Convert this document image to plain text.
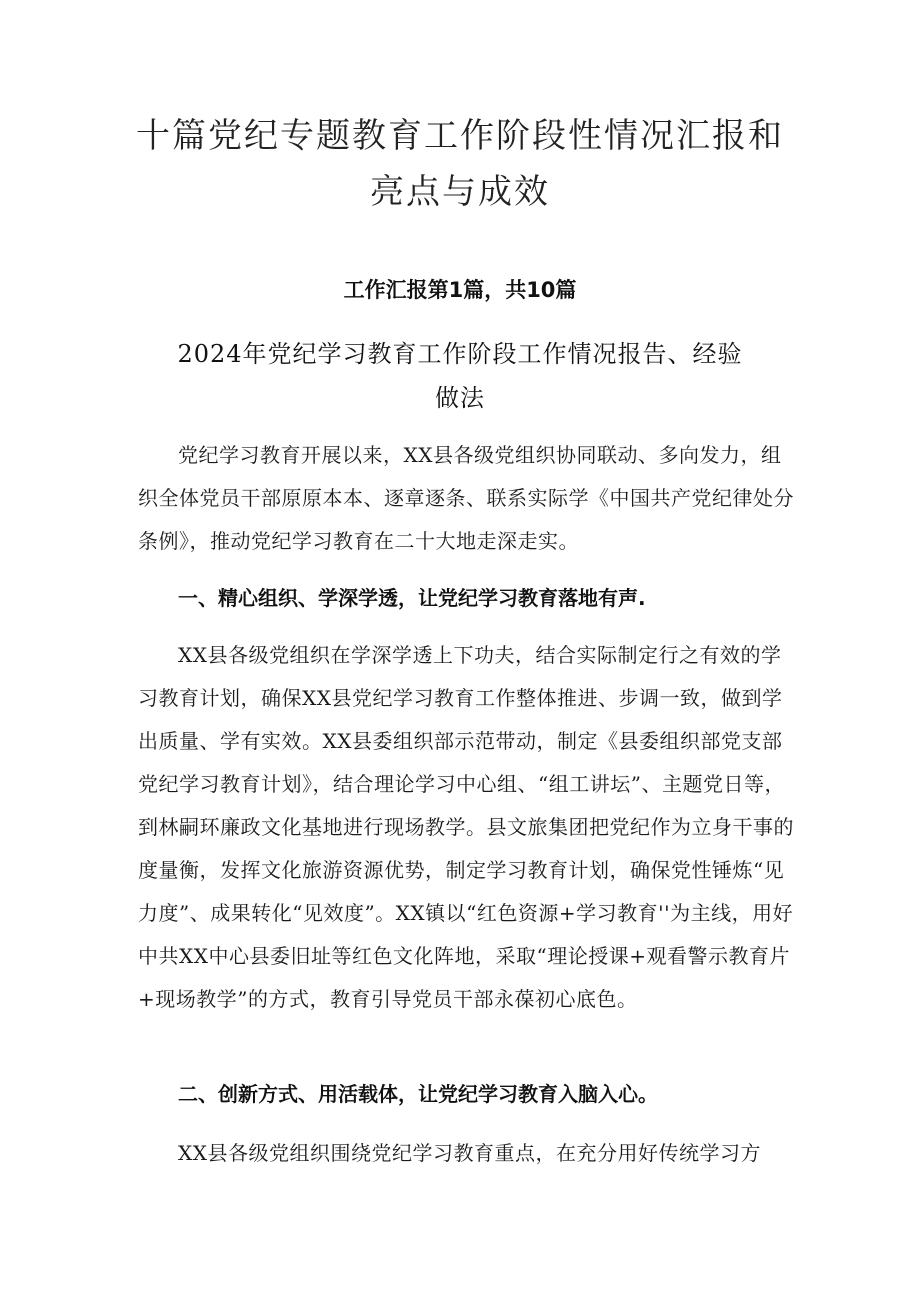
十篇党纪专题教育工作阶段性情况汇报和
亮点与成效
工作汇报第1篇，共10篇
2024年党纪学习教育工作阶段工作情况报告、经验
做法

党纪学习教育开展以来，XX县各级党组织协同联动、多向发力，组织全体党员干部原原本本、逐章逐条、联系实际学《中国共产党纪律处分条例》，推动党纪学习教育在二十大地走深走实。

一、精心组织、学深学透，让党纪学习教育落地有声.

XX县各级党组织在学深学透上下功夫，结合实际制定行之有效的学习教育计划，确保XX县党纪学习教育工作整体推进、步调一致，做到学出质量、学有实效。XX县委组织部示范带动，制定《县委组织部党支部党纪学习教育计划》，结合理论学习中心组、“组工讲坛”、主题党日等，到林嗣环廉政文化基地进行现场教学。县文旅集团把党纪作为立身干事的度量衡，发挥文化旅游资源优势，制定学习教育计划，确保党性锤炼“见力度”、成果转化“见效度”。XX镇以“红色资源+学习教育''为主线，用好中共XX中心县委旧址等红色文化阵地，采取“理论授课+观看警示教育片+现场教学”的方式，教育引导党员干部永葆初心底色。

二、创新方式、用活载体，让党纪学习教育入脑入心。

XX县各级党组织围绕党纪学习教育重点，在充分用好传统学习方
